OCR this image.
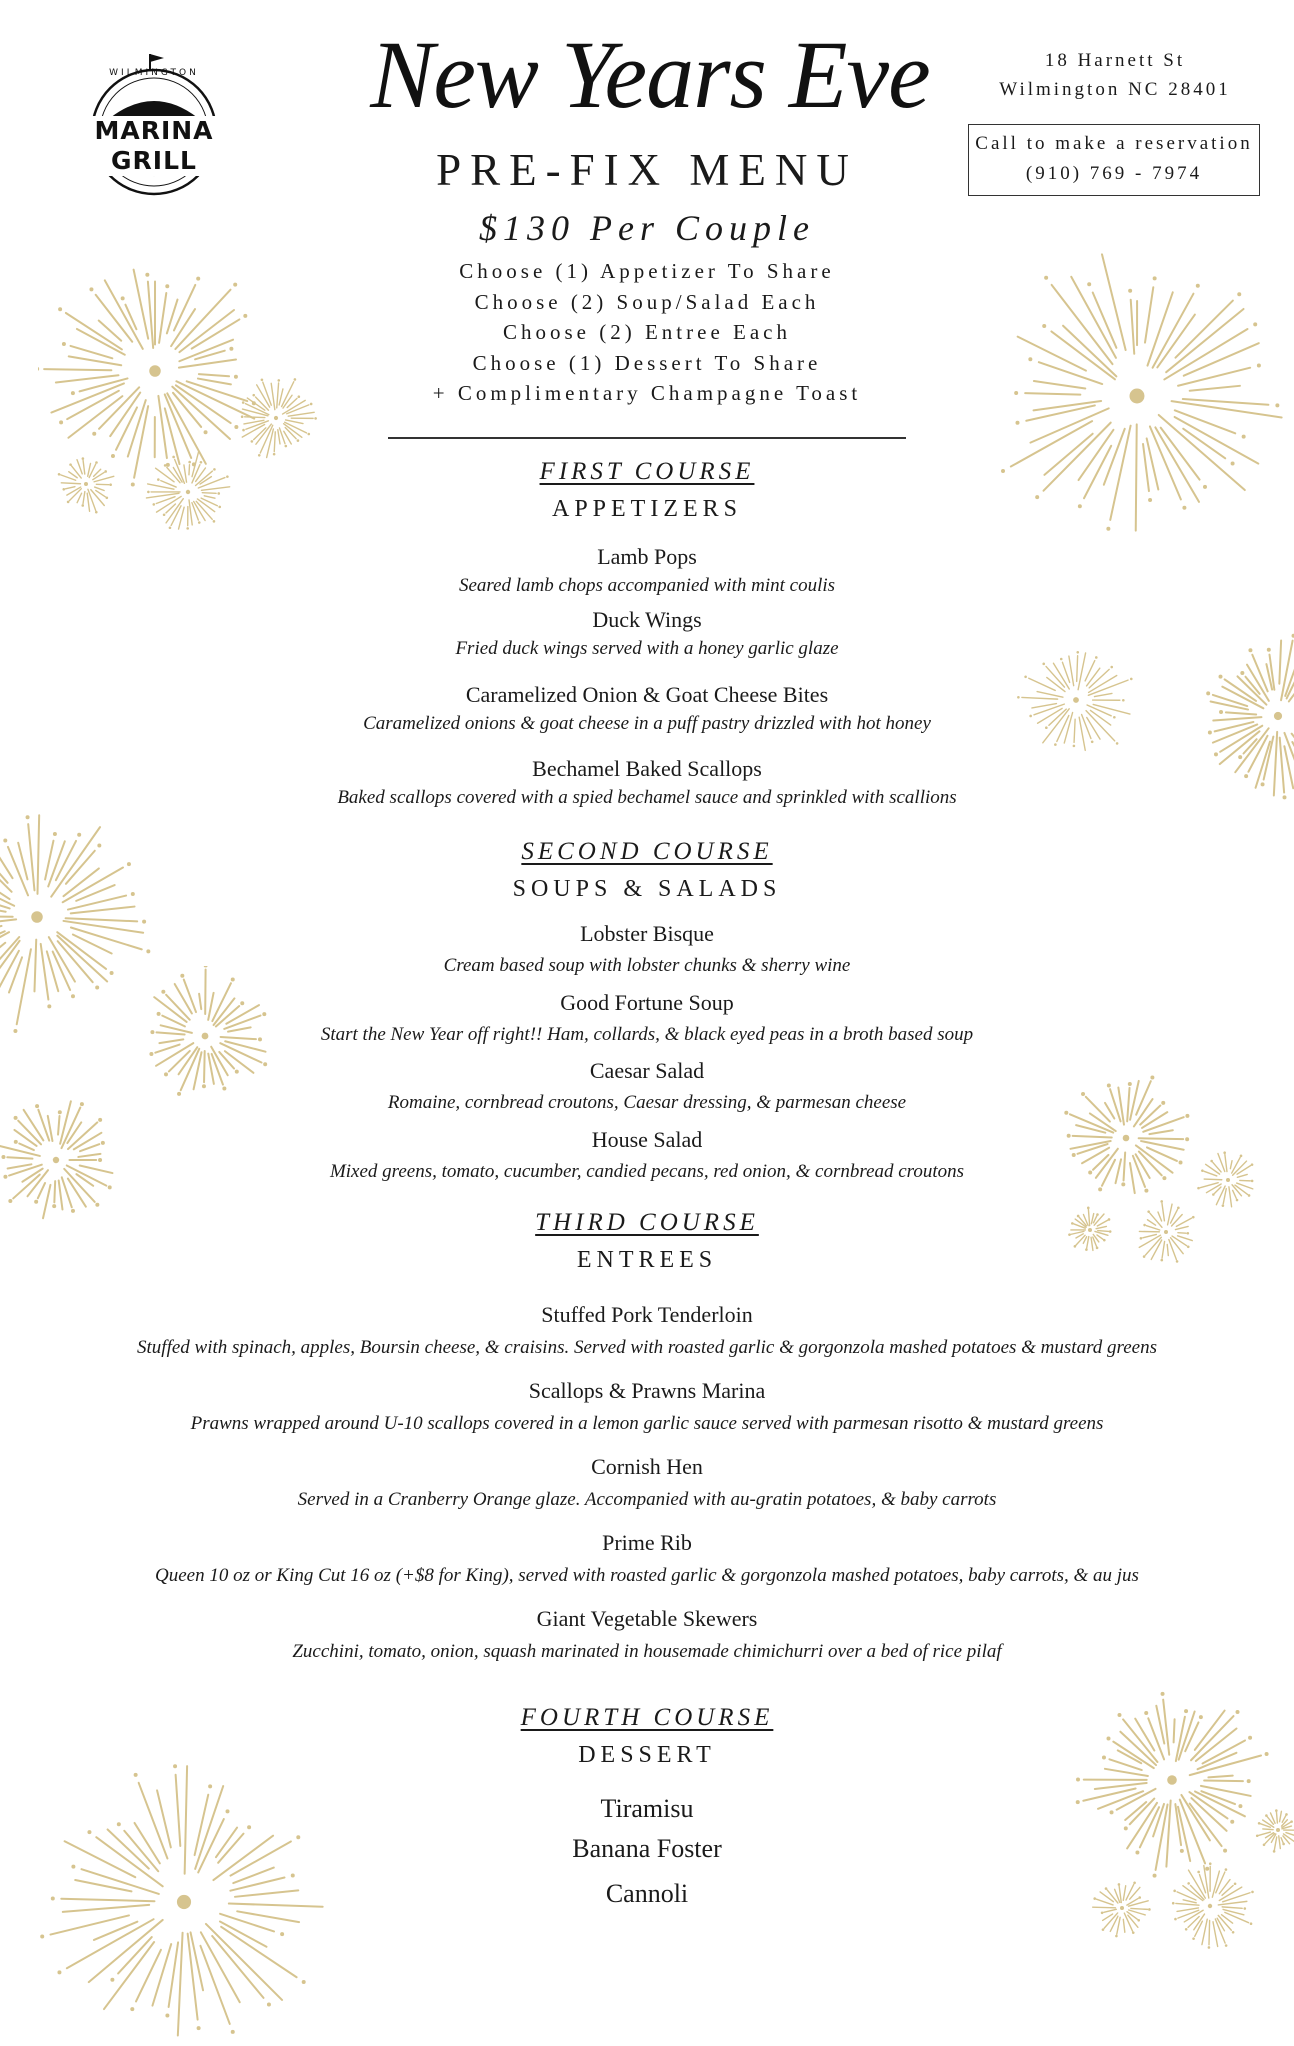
WILMINGTON
MARINA GRILL
New Years Eve	18 Harnett St
Wilmington NC 28401
Call to make a reservation
(910) 769 - 7974
PRE-FIX MENU
$130 Per Couple
Choose (1) Appetizer To Share
Choose (2) Soup/Salad Each
Choose (2) Entree Each
Choose (1) Dessert To Share
+ Complimentary Champagne Toast
FIRST COURSE
APPETIZERS
Lamb Pops
Seared lamb chops accompanied with mint coulis
Duck Wings
Fried duck wings served with a honey garlic glaze
Caramelized Onion & Goat Cheese Bites
Caramelized onions & goat cheese in a puff pastry drizzled with hot honey
Bechamel Baked Scallops
Baked scallops covered with a spied bechamel sauce and sprinkled with scallions
SECOND COURSE
SOUPS & SALADS
Lobster Bisque
Cream based soup with lobster chunks & sherry wine
Good Fortune Soup
Start the New Year off right!! Ham, collards, & black eyed peas in a broth based soup
Caesar Salad
Romaine, cornbread croutons, Caesar dressing, & parmesan cheese
House Salad
Mixed greens, tomato, cucumber, candied pecans, red onion, & cornbread croutons
THIRD COURSE
ENTREES
Stuffed Pork Tenderloin
Stuffed with spinach, apples, Boursin cheese, & craisins. Served with roasted garlic & gorgonzola mashed potatoes & mustard greens
Scallops & Prawns Marina
Prawns wrapped around U-10 scallops covered in a lemon garlic sauce served with parmesan risotto & mustard greens
Cornish Hen
Served in a Cranberry Orange glaze. Accompanied with au-gratin potatoes, & baby carrots
Prime Rib
Queen 10 oz or King Cut 16 oz (+$8 for King), served with roasted garlic & gorgonzola mashed potatoes, baby carrots, & au jus
Giant Vegetable Skewers
Zucchini, tomato, onion, squash marinated in housemade chimichurri over a bed of rice pilaf
FOURTH COURSE
DESSERT
Tiramisu
Banana Foster
Cannoli
